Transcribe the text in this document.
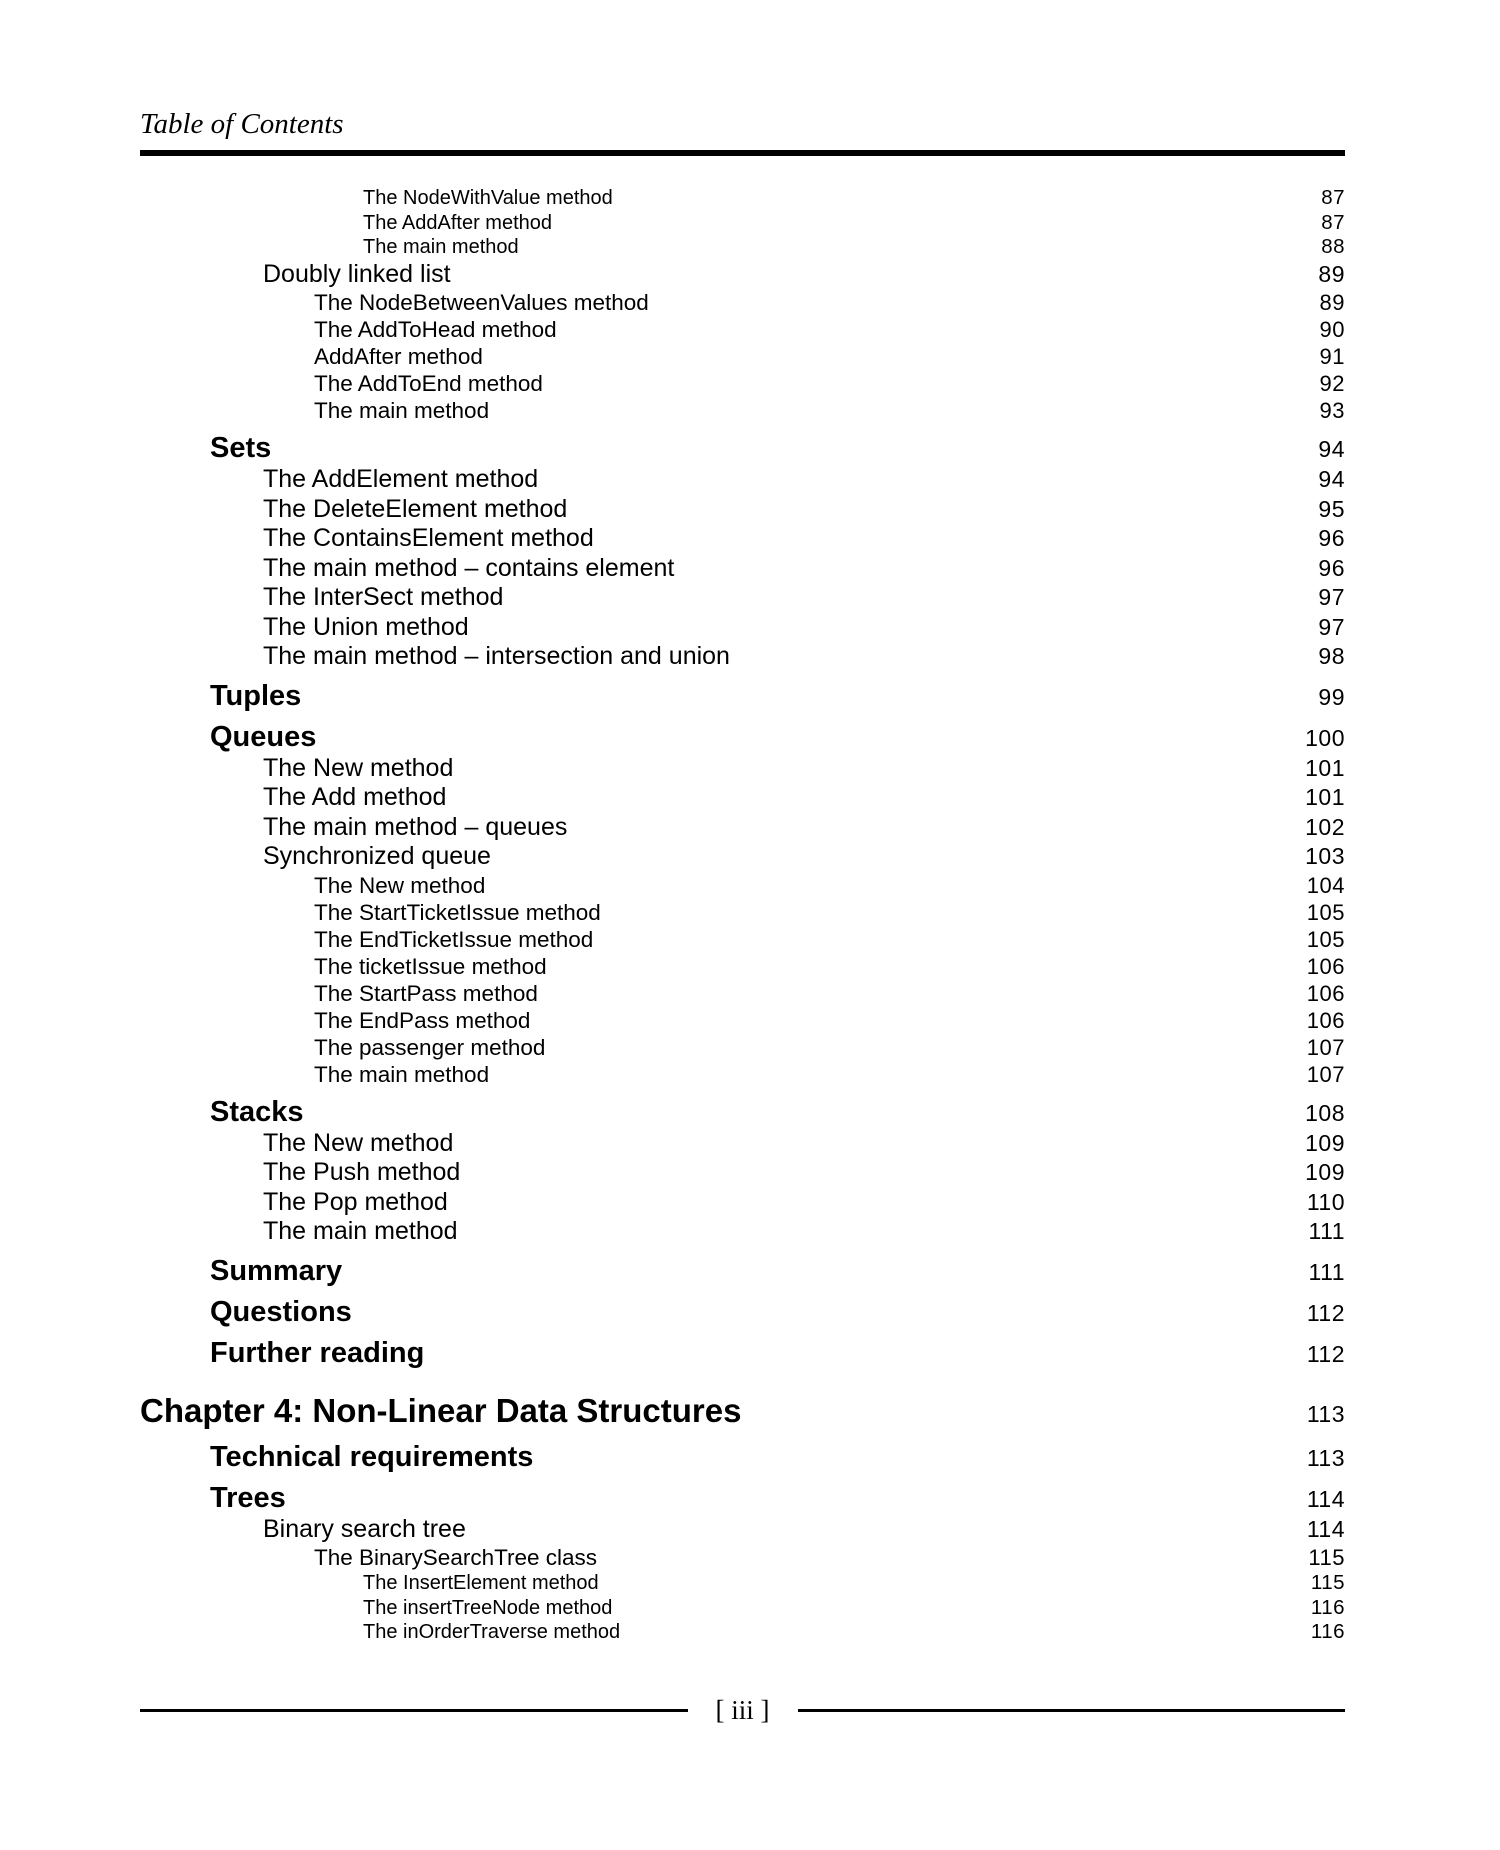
Table of Contents
The NodeWithValue method	87
The AddAfter method	87
The main method	88
Doubly linked list	89
The NodeBetweenValues method	89
The AddToHead method	90
AddAfter method	91
The AddToEnd method	92
The main method	93
Sets	94
The AddElement method	94
The DeleteElement method	95
The ContainsElement method	96
The main method – contains element	96
The InterSect method	97
The Union method	97
The main method – intersection and union	98
Tuples	99
Queues	100
The New method	101
The Add method	101
The main method – queues	102
Synchronized queue	103
The New method	104
The StartTicketIssue method	105
The EndTicketIssue method	105
The ticketIssue method	106
The StartPass method	106
The EndPass method	106
The passenger method	107
The main method	107
Stacks	108
The New method	109
The Push method	109
The Pop method	110
The main method	111
Summary	111
Questions	112
Further reading	112
Chapter 4: Non-Linear Data Structures	113
Technical requirements	113
Trees	114
Binary search tree	114
The BinarySearchTree class	115
The InsertElement method	115
The insertTreeNode method	116
The inOrderTraverse method	116
[ iii ]
